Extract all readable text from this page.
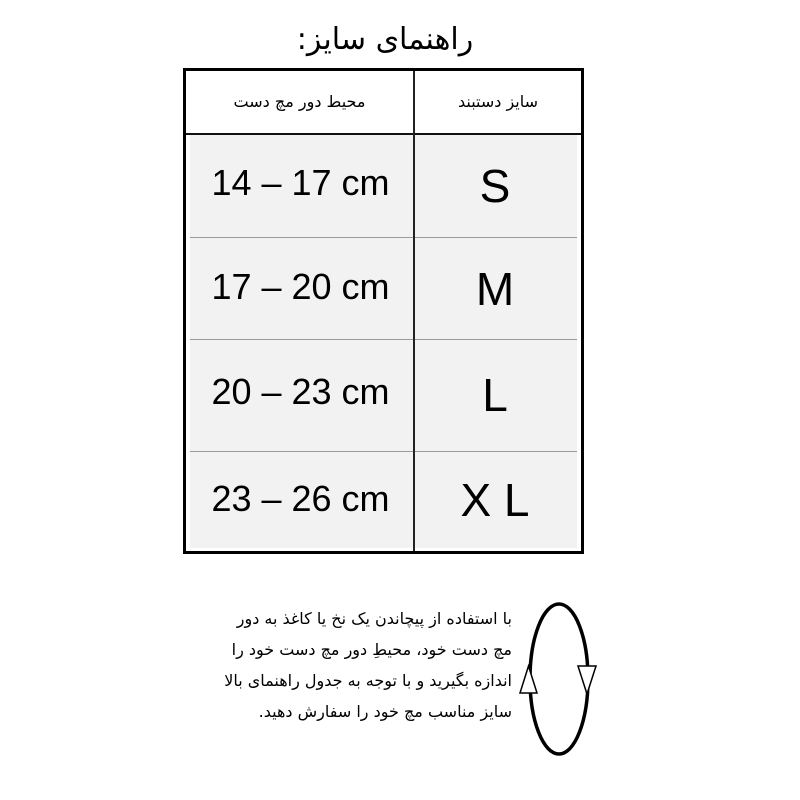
راهنمای سایز:
محیط دور مچ دست	سایز دستبند
14 – 17 cm	S
17 – 20 cm	M
20 – 23 cm	L
23 – 26 cm	X L

با استفاده از پیچاندن یک نخ یا کاغذ به دور

مچ دست خود، محیطِ دور مچ دست خود را

اندازه بگیرید و با توجه به جدول راهنمای بالا

سایز مناسب مچ خود را سفارش دهید.
